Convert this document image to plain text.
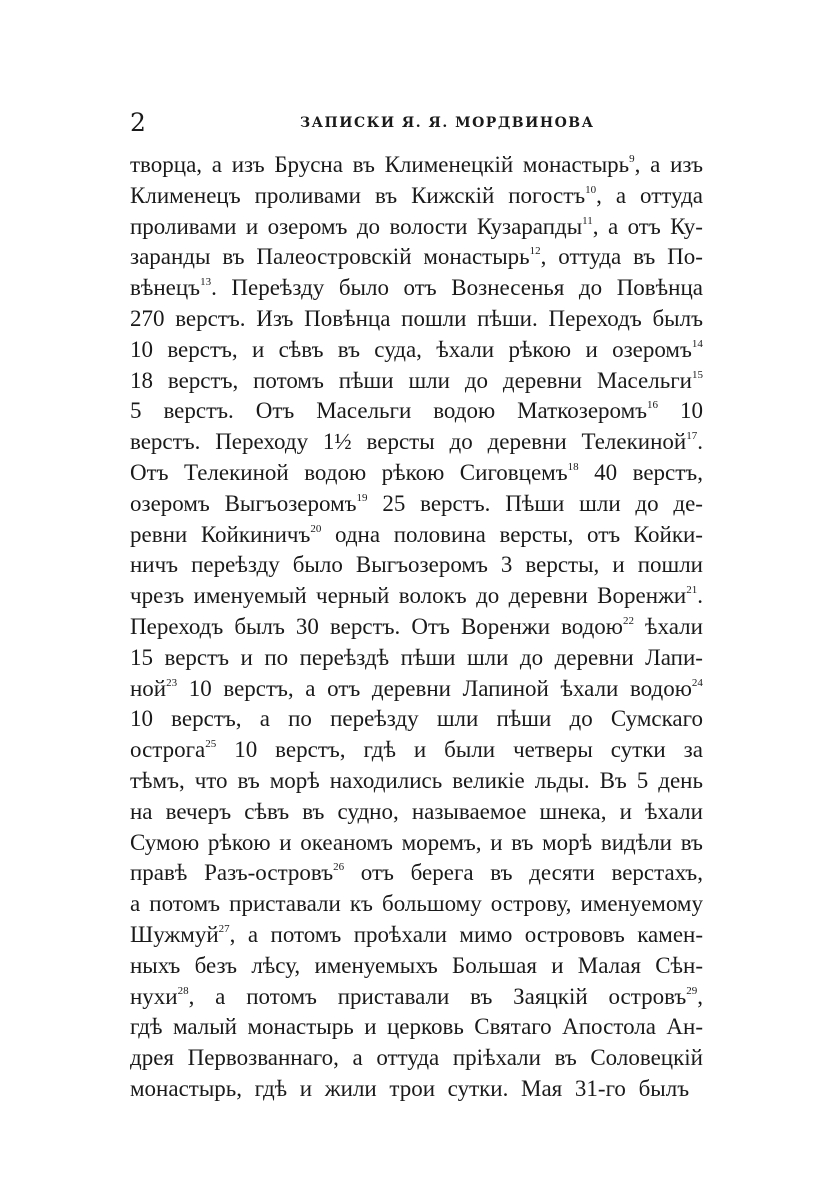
2	ЗАПИСКИ Я. Я. МОРДВИНОВА
творца, а изъ Брусна въ Клименецкій монастырь$^9$, а изъ
Клименецъ проливами въ Кижскій погостъ$^{10}$, а оттуда
проливами и озеромъ до волости Кузарапды$^{11}$, а отъ Ку-
заранды въ Палеостровскій монастырь$^{12}$, оттуда въ По-
вѣнецъ$^{13}$. Переѣзду было отъ Вознесенья до Повѣнца
270 верстъ. Изъ Повѣнца пошли пѣши. Переходъ былъ
10 верстъ, и сѣвъ въ суда, ѣхали рѣкою и озеромъ$^{14}$
18 верстъ, потомъ пѣши шли до деревни Масельги$^{15}$
5 верстъ. Отъ Масельги водою Маткозеромъ$^{16}$ 10
верстъ. Переходу 1½ версты до деревни Телекиной$^{17}$.
Отъ Телекиной водою рѣкою Сиговцемъ$^{18}$ 40 верстъ,
озеромъ Выгъозеромъ$^{19}$ 25 верстъ. Пѣши шли до де-
ревни Койкиничъ$^{20}$ одна половина версты, отъ Койки-
ничъ переѣзду было Выгъозеромъ 3 версты, и пошли
чрезъ именуемый черный волокъ до деревни Воренжи$^{21}$.
Переходъ былъ 30 верстъ. Отъ Воренжи водою$^{22}$ ѣхали
15 верстъ и по переѣздѣ пѣши шли до деревни Лапи-
ной$^{23}$ 10 верстъ, а отъ деревни Лапиной ѣхали водою$^{24}$
10 верстъ, а по переѣзду шли пѣши до Сумскаго
острога$^{25}$ 10 верстъ, гдѣ и были четверы сутки за
тѣмъ, что въ морѣ находились великіе льды. Въ 5 день
на вечеръ сѣвъ въ судно, называемое шнека, и ѣхали
Сумою рѣкою и океаномъ моремъ, и въ морѣ видѣли въ
правѣ Разъ-островъ$^{26}$ отъ берега въ десяти верстахъ,
а потомъ приставали къ большому острову, именуемому
Шужмуй$^{27}$, а потомъ проѣхали мимо острововъ камен-
ныхъ безъ лѣсу, именуемыхъ Большая и Малая Сѣн-
нухи$^{28}$, а потомъ приставали въ Заяцкій островъ$^{29}$,
гдѣ малый монастырь и церковь Святаго Апостола Ан-
дрея Первозваннаго, а оттуда пріѣхали въ Соловецкій
монастырь, гдѣ и жили трои сутки. Мая 31-го былъ
